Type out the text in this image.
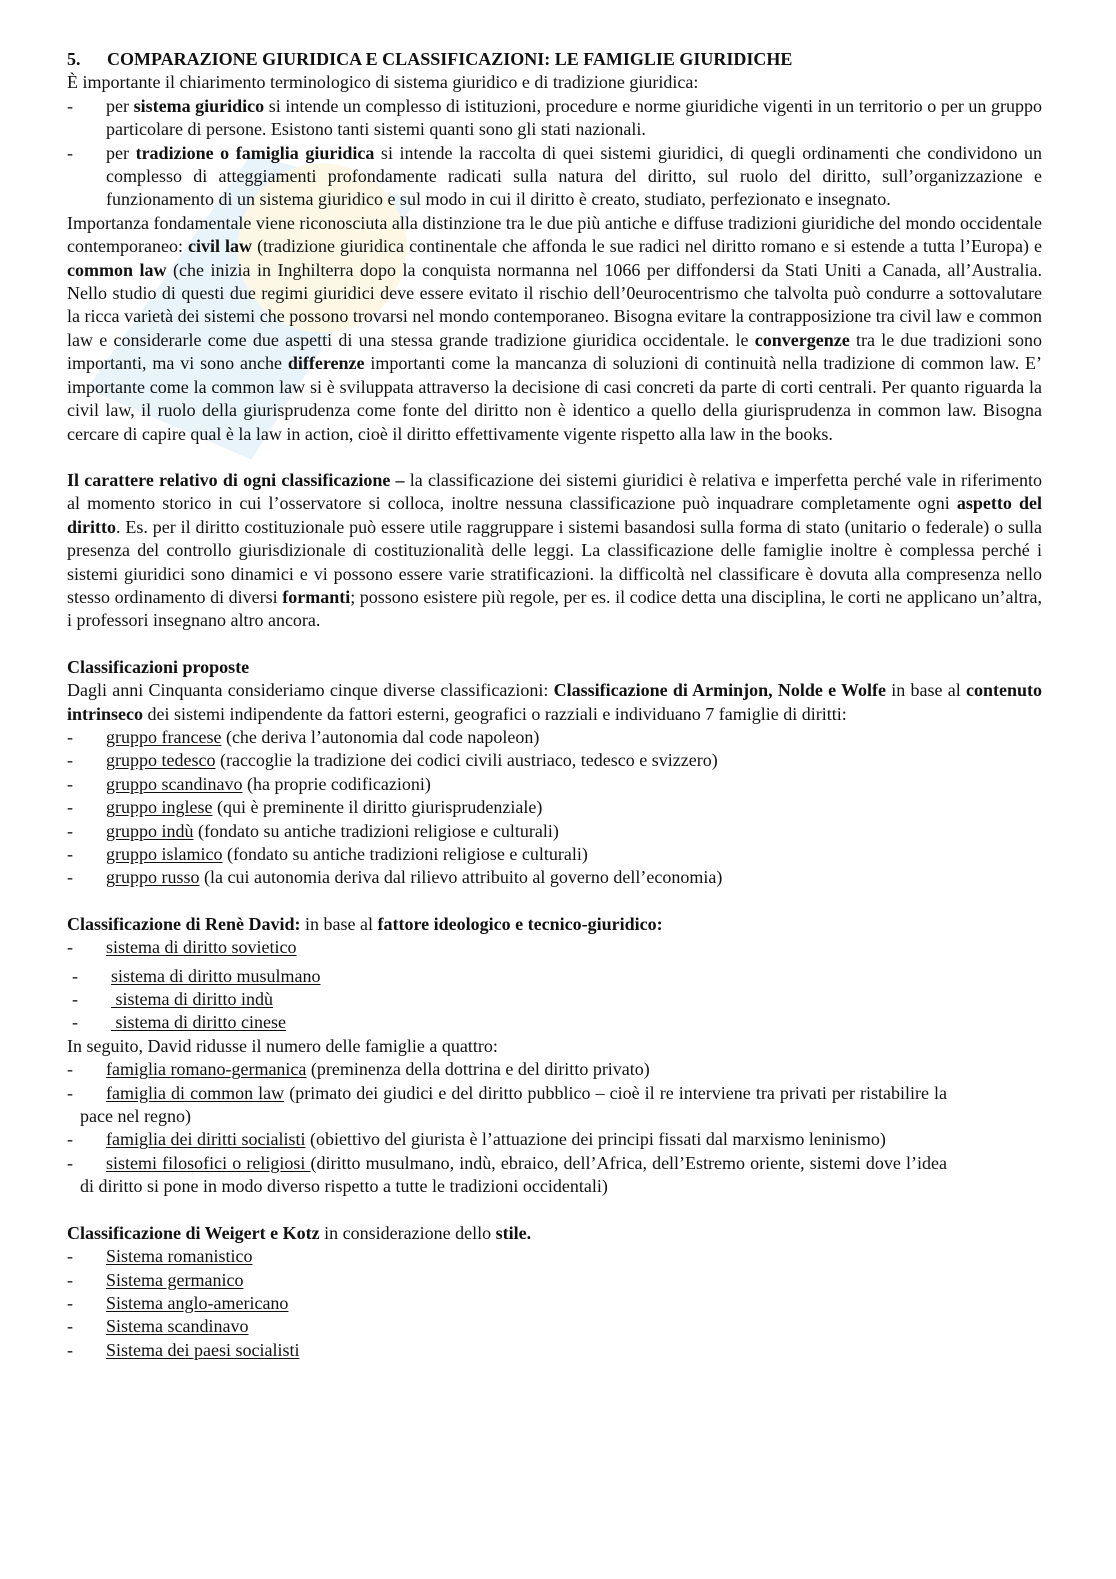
5.	COMPARAZIONE GIURIDICA E CLASSIFICAZIONI: LE FAMIGLIE GIURIDICHE

È importante il chiarimento terminologico di sistema giuridico e di tradizione giuridica:

-	per sistema giuridico si intende un complesso di istituzioni, procedure e norme giuridiche vigenti in un territorio o per un gruppo particolare di persone. Esistono tanti sistemi quanti sono gli stati nazionali.
-	per tradizione o famiglia giuridica si intende la raccolta di quei sistemi giuridici, di quegli ordinamenti che condividono un complesso di atteggiamenti profondamente radicati sulla natura del diritto, sul ruolo del diritto, sull’organizzazione e funzionamento di un sistema giuridico e sul modo in cui il diritto è creato, studiato, perfezionato e insegnato.

Importanza fondamentale viene riconosciuta alla distinzione tra le due più antiche e diffuse tradizioni giuridiche del mondo occidentale contemporaneo: civil law (tradizione giuridica continentale che affonda le sue radici nel diritto romano e si estende a tutta l’Europa) e common law (che inizia in Inghilterra dopo la conquista normanna nel 1066 per diffondersi da Stati Uniti a Canada, all’Australia. Nello studio di questi due regimi giuridici deve essere evitato il rischio dell’0eurocentrismo che talvolta può condurre a sottovalutare la ricca varietà dei sistemi che possono trovarsi nel mondo contemporaneo. Bisogna evitare la contrapposizione tra civil law e common law e considerarle come due aspetti di una stessa grande tradizione giuridica occidentale. le convergenze tra le due tradizioni sono importanti, ma vi sono anche differenze importanti come la mancanza di soluzioni di continuità nella tradizione di common law. E’ importante come la common law si è sviluppata attraverso la decisione di casi concreti da parte di corti centrali. Per quanto riguarda la civil law, il ruolo della giurisprudenza come fonte del diritto non è identico a quello della giurisprudenza in common law. Bisogna cercare di capire qual è la law in action, cioè il diritto effettivamente vigente rispetto alla law in the books.

Il carattere relativo di ogni classificazione – la classificazione dei sistemi giuridici è relativa e imperfetta perché vale in riferimento al momento storico in cui l’osservatore si colloca, inoltre nessuna classificazione può inquadrare completamente ogni aspetto del diritto. Es. per il diritto costituzionale può essere utile raggruppare i sistemi basandosi sulla forma di stato (unitario o federale) o sulla presenza del controllo giurisdizionale di costituzionalità delle leggi. La classificazione delle famiglie inoltre è complessa perché i sistemi giuridici sono dinamici e vi possono essere varie stratificazioni. la difficoltà nel classificare è dovuta alla compresenza nello stesso ordinamento di diversi formanti; possono esistere più regole, per es. il codice detta una disciplina, le corti ne applicano un’altra, i professori insegnano altro ancora.

Classificazioni proposte

Dagli anni Cinquanta consideriamo cinque diverse classificazioni: Classificazione di Arminjon, Nolde e Wolfe in base al contenuto intrinseco dei sistemi indipendente da fattori esterni, geografici o razziali e individuano 7 famiglie di diritti:

-	gruppo francese (che deriva l’autonomia dal code napoleon)
-	gruppo tedesco (raccoglie la tradizione dei codici civili austriaco, tedesco e svizzero)
-	gruppo scandinavo (ha proprie codificazioni)
-	gruppo inglese (qui è preminente il diritto giurisprudenziale)
-	gruppo indù (fondato su antiche tradizioni religiose e culturali)
-	gruppo islamico (fondato su antiche tradizioni religiose e culturali)
-	gruppo russo (la cui autonomia deriva dal rilievo attribuito al governo dell’economia)

Classificazione di Renè David: in base al fattore ideologico e tecnico-giuridico:

-	sistema di diritto sovietico
-	sistema di diritto musulmano
-	sistema di diritto indù
-	sistema di diritto cinese

In seguito, David ridusse il numero delle famiglie a quattro:

-	famiglia romano-germanica (preminenza della dottrina e del diritto privato)
- famiglia di common law (primato dei giudici e del diritto pubblico – cioè il re interviene tra privati per ristabilire la pace nel regno)
- famiglia dei diritti socialisti (obiettivo del giurista è l’attuazione dei principi fissati dal marxismo leninismo)
- sistemi filosofici o religiosi (diritto musulmano, indù, ebraico, dell’Africa, dell’Estremo oriente, sistemi dove l’idea di diritto si pone in modo diverso rispetto a tutte le tradizioni occidentali)

Classificazione di Weigert e Kotz in considerazione dello stile.

-	Sistema romanistico
-	Sistema germanico
-	Sistema anglo-americano
-	Sistema scandinavo
-	Sistema dei paesi socialisti
